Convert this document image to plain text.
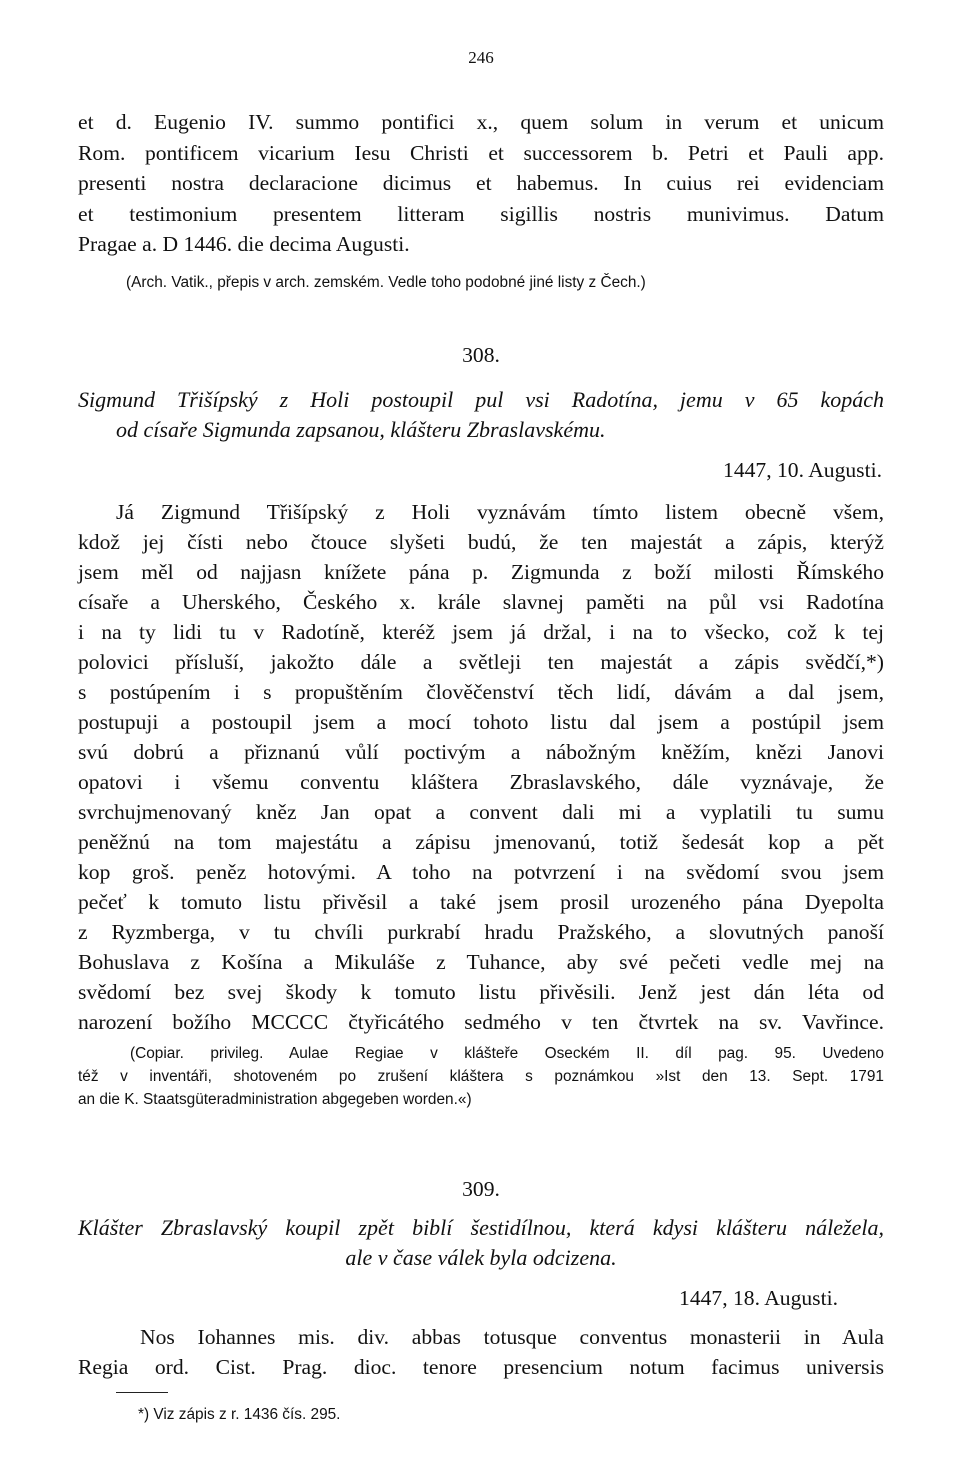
246
et d. Eugenio IV. summo pontifici x., quem solum in verum et unicum
Rom. pontificem vicarium Iesu Christi et successorem b. Petri et Pauli app.
presenti nostra declaracione dicimus et habemus. In cuius rei evidenciam
et testimonium presentem litteram sigillis nostris munivimus. Datum
Pragae a. D 1446. die decima Augusti.
(Arch. Vatik., přepis v arch. zemském. Vedle toho podobné jiné listy z Čech.)
308.
Sigmund Třišípský z Holi postoupil pul vsi Radotína, jemu v 65 kopách
od císaře Sigmunda zapsanou, klášteru Zbraslavskému.
1447, 10. Augusti.
Já Zigmund Třišípský z Holi vyznávám tímto listem obecně všem,
kdož jej čísti nebo čtouce slyšeti budú, že ten majestát a zápis, kterýž
jsem měl od najjasn knížete pána p. Zigmunda z boží milosti Římského
císaře a Uherského, Českého x. krále slavnej paměti na půl vsi Radotína
i na ty lidi tu v Radotíně, kteréž jsem já držal, i na to všecko, což k tej
polovici přísluší, jakožto dále a světleji ten majestát a zápis svědčí,*)
s postúpením i s propuštěním člověčenství těch lidí, dávám a dal jsem,
postupuji a postoupil jsem a mocí tohoto listu dal jsem a postúpil jsem
svú dobrú a přiznanú vůlí poctivým a nábožným kněžím, knězi Janovi
opatovi i všemu conventu kláštera Zbraslavského, dále vyznávaje, že
svrchujmenovaný kněz Jan opat a convent dali mi a vyplatili tu sumu
peněžnú na tom majestátu a zápisu jmenovanú, totiž šedesát kop a pět
kop groš. peněz hotovými. A toho na potvrzení i na svědomí svou jsem
pečeť k tomuto listu přivěsil a také jsem prosil urozeného pána Dyepolta
z Ryzmberga, v tu chvíli purkrabí hradu Pražského, a slovutných panoší
Bohuslava z Košína a Mikuláše z Tuhance, aby své pečeti vedle mej na
svědomí bez svej škody k tomuto listu přivěsili. Jenž jest dán léta od
narození božího MCCCC čtyřicátého sedmého v ten čtvrtek na sv. Vavřince.
(Copiar. privileg. Aulae Regiae v klášteře Oseckém II. díl pag. 95. Uvedeno
též v inventáři, shotoveném po zrušení kláštera s poznámkou »Ist den 13. Sept. 1791
an die K. Staatsgüteradministration abgegeben worden.«)
309.
Klášter Zbraslavský koupil zpět biblí šestidílnou, která kdysi klášteru náležela,
ale v čase válek byla odcizena.
1447, 18. Augusti.
Nos Iohannes mis. div. abbas totusque conventus monasterii in Aula
Regia ord. Cist. Prag. dioc. tenore presencium notum facimus universis
*) Viz zápis z r. 1436 čís. 295.
